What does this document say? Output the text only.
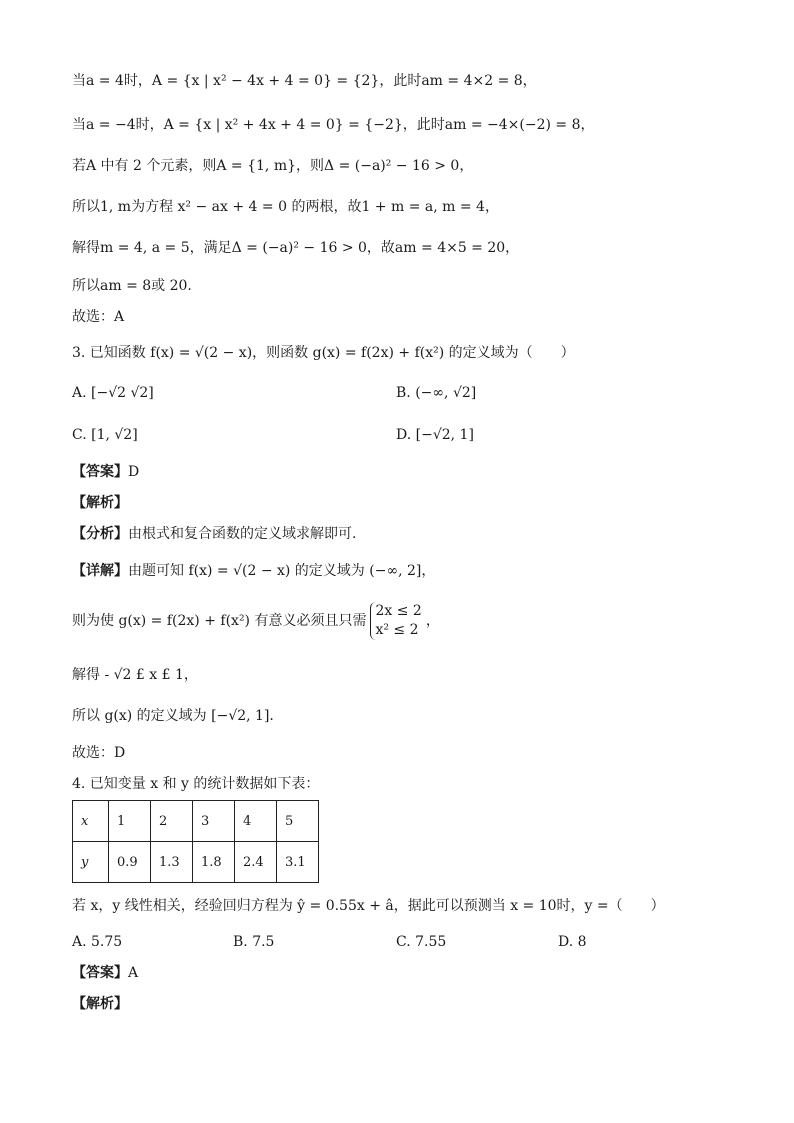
当a = 4时，A = {x | x² − 4x + 4 = 0} = {2}，此时am = 4×2 = 8，
当a = −4时，A = {x | x² + 4x + 4 = 0} = {−2}，此时am = −4×(−2) = 8，
若A 中有 2 个元素，则A = {1, m}，则Δ = (−a)² − 16 > 0，
所以1, m为方程 x² − ax + 4 = 0 的两根，故1 + m = a, m = 4，
解得m = 4, a = 5，满足Δ = (−a)² − 16 > 0，故am = 4×5 = 20，
所以am = 8或 20.
故选：A
3. 已知函数 f(x) = √(2 − x)，则函数 g(x) = f(2x) + f(x²) 的定义域为（　　）
A. [−√2 √2]	B. (−∞, √2]
C. [1, √2]	D. [−√2, 1]
【答案】D
【解析】
【分析】由根式和复合函数的定义域求解即可.
【详解】由题可知 f(x) = √(2 − x) 的定义域为 (−∞, 2]，
则为使 g(x) = f(2x) + f(x²) 有意义必须且只需
2x ≤ 2
x² ≤ 2
，
解得 - √2 £ x £ 1，
所以 g(x) 的定义域为 [−√2, 1].
故选：D
4. 已知变量 x 和 y 的统计数据如下表：
x	1	2	3	4	5
y	0.9	1.3	1.8	2.4	3.1
若 x，y 线性相关，经验回归方程为 ŷ = 0.55x + â，据此可以预测当 x = 10时，y =（　　）
A. 5.75	B. 7.5	C. 7.55	D. 8
【答案】A
【解析】
